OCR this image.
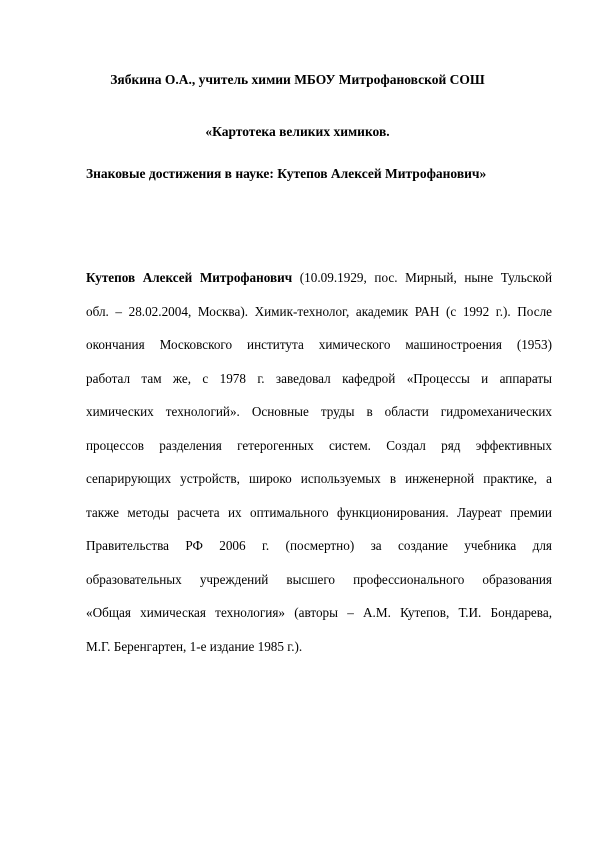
Зябкина О.А., учитель химии МБОУ Митрофановской СОШ
«Картотека великих химиков.
Знаковые достижения в науке: Кутепов Алексей Митрофанович»
Кутепов Алексей Митрофанович (10.09.1929, пос. Мирный, ныне Тульской
обл. – 28.02.2004, Москва). Химик-технолог, академик РАН (с 1992 г.). После
окончания Московского института химического машиностроения (1953)
работал там же, с 1978 г. заведовал кафедрой «Процессы и аппараты
химических технологий». Основные труды в области гидромеханических
процессов разделения гетерогенных систем. Создал ряд эффективных
сепарирующих устройств, широко используемых в инженерной практике, а
также методы расчета их оптимального функционирования. Лауреат премии
Правительства РФ 2006 г. (посмертно) за создание учебника для
образовательных учреждений высшего профессионального образования
«Общая химическая технология» (авторы – А.М. Кутепов, Т.И. Бондарева,
М.Г. Беренгартен, 1-е издание 1985 г.).
